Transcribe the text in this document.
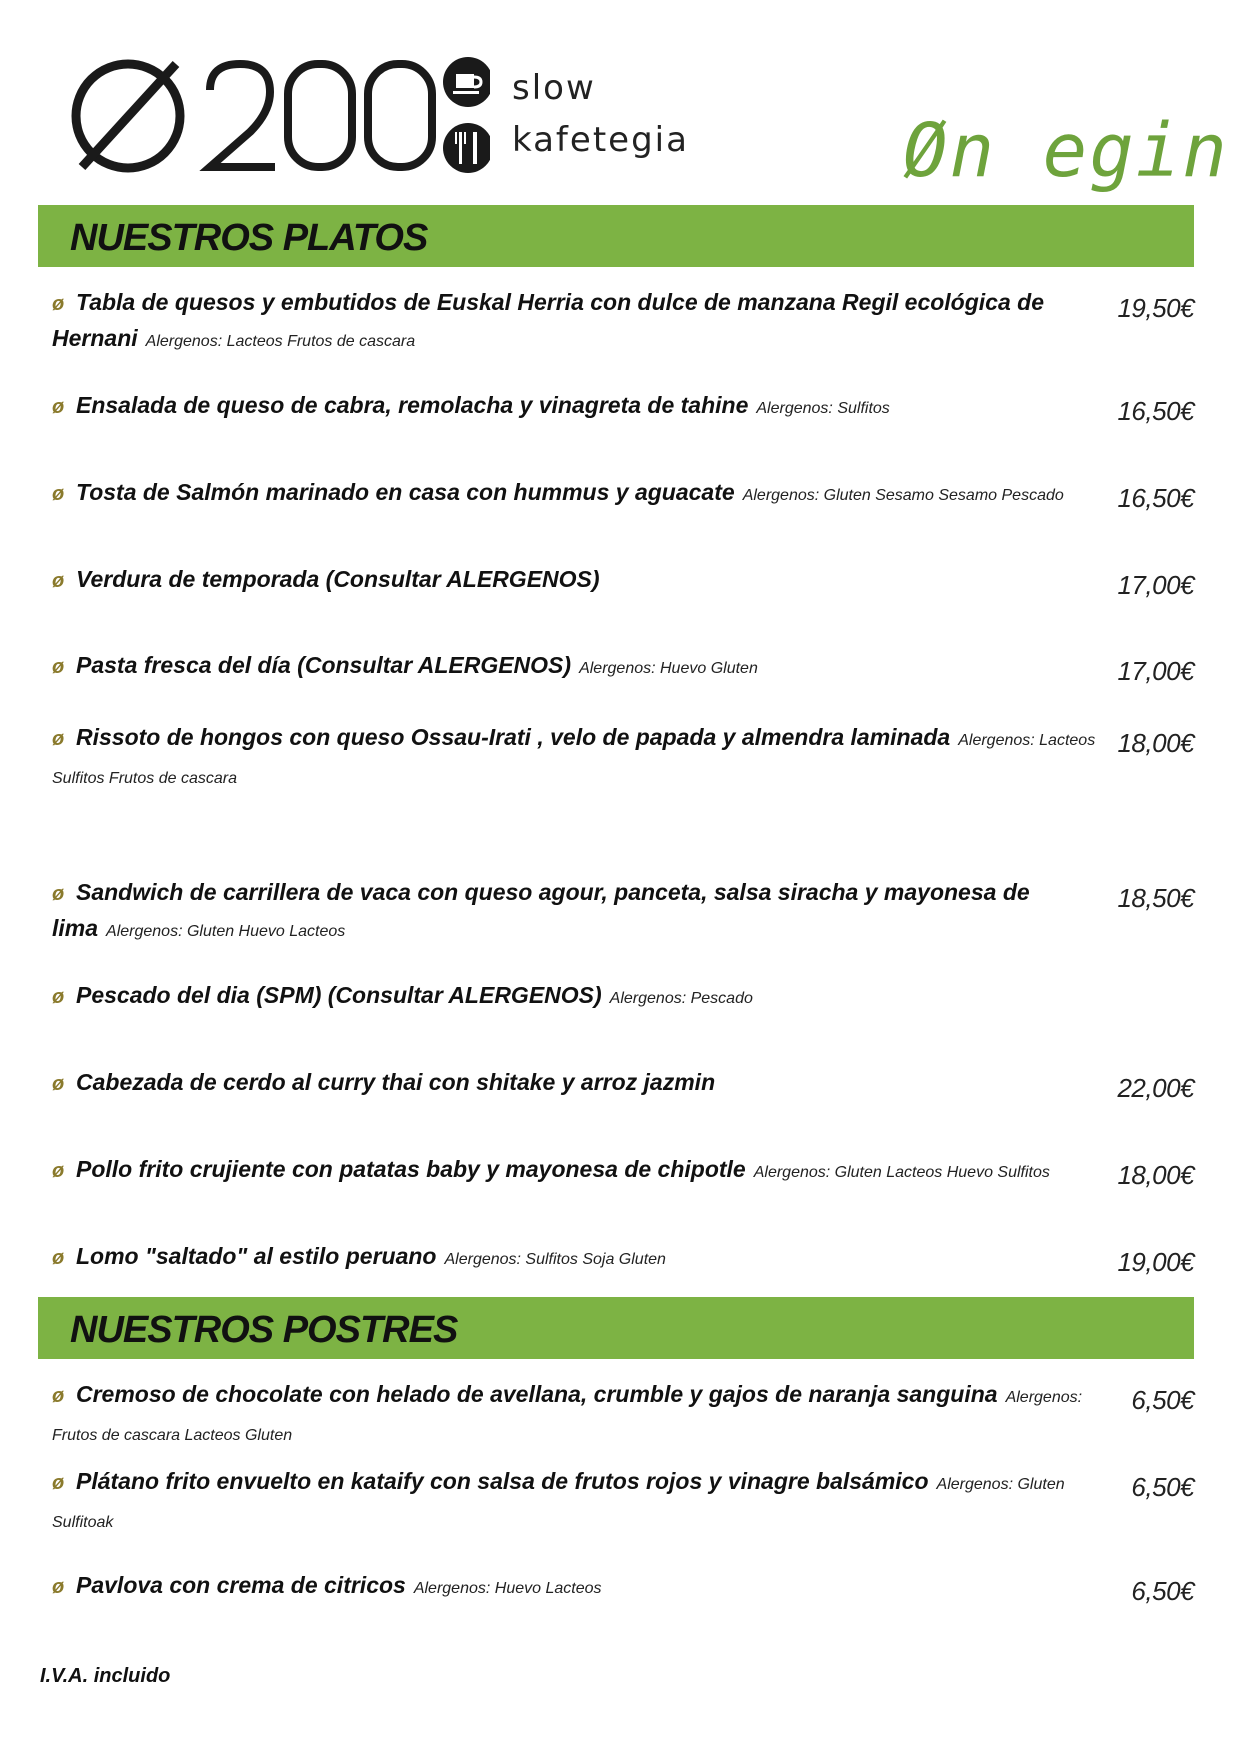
slow
kafetegia	Øn egin
NUESTROS PLATOS
ø Tabla de quesos y embutidos de Euskal Herria con dulce de manzana Regil ecológica de Hernani Alergenos: Lacteos Frutos de cascara
19,50€
ø Ensalada de queso de cabra, remolacha y vinagreta de tahine Alergenos: Sulfitos	16,50€
ø Tosta de Salmón marinado en casa con hummus y aguacate Alergenos: Gluten Sesamo Sesamo Pescado	16,50€
ø Verdura de temporada (Consultar ALERGENOS)	17,00€
ø Pasta fresca del día (Consultar ALERGENOS) Alergenos: Huevo Gluten	17,00€
ø Rissoto de hongos con queso Ossau-Irati , velo de papada y almendra laminada Alergenos: Lacteos Sulfitos Frutos de cascara
18,00€
ø Sandwich de carrillera de vaca con queso agour, panceta, salsa siracha y mayonesa de lima Alergenos: Gluten Huevo Lacteos
18,50€
ø Pescado del dia (SPM) (Consultar ALERGENOS) Alergenos: Pescado
ø Cabezada de cerdo al curry thai con shitake y arroz jazmin	22,00€
ø Pollo frito crujiente con patatas baby y mayonesa de chipotle Alergenos: Gluten Lacteos Huevo Sulfitos	18,00€
ø Lomo "saltado" al estilo peruano Alergenos: Sulfitos Soja Gluten	19,00€
NUESTROS POSTRES
ø Cremoso de chocolate con helado de avellana, crumble y gajos de naranja sanguina Alergenos: Frutos de cascara Lacteos Gluten
6,50€
ø Plátano frito envuelto en kataify con salsa de frutos rojos y vinagre balsámico Alergenos: Gluten Sulfitoak
6,50€
ø Pavlova con crema de citricos Alergenos: Huevo Lacteos	6,50€
I.V.A. incluido
